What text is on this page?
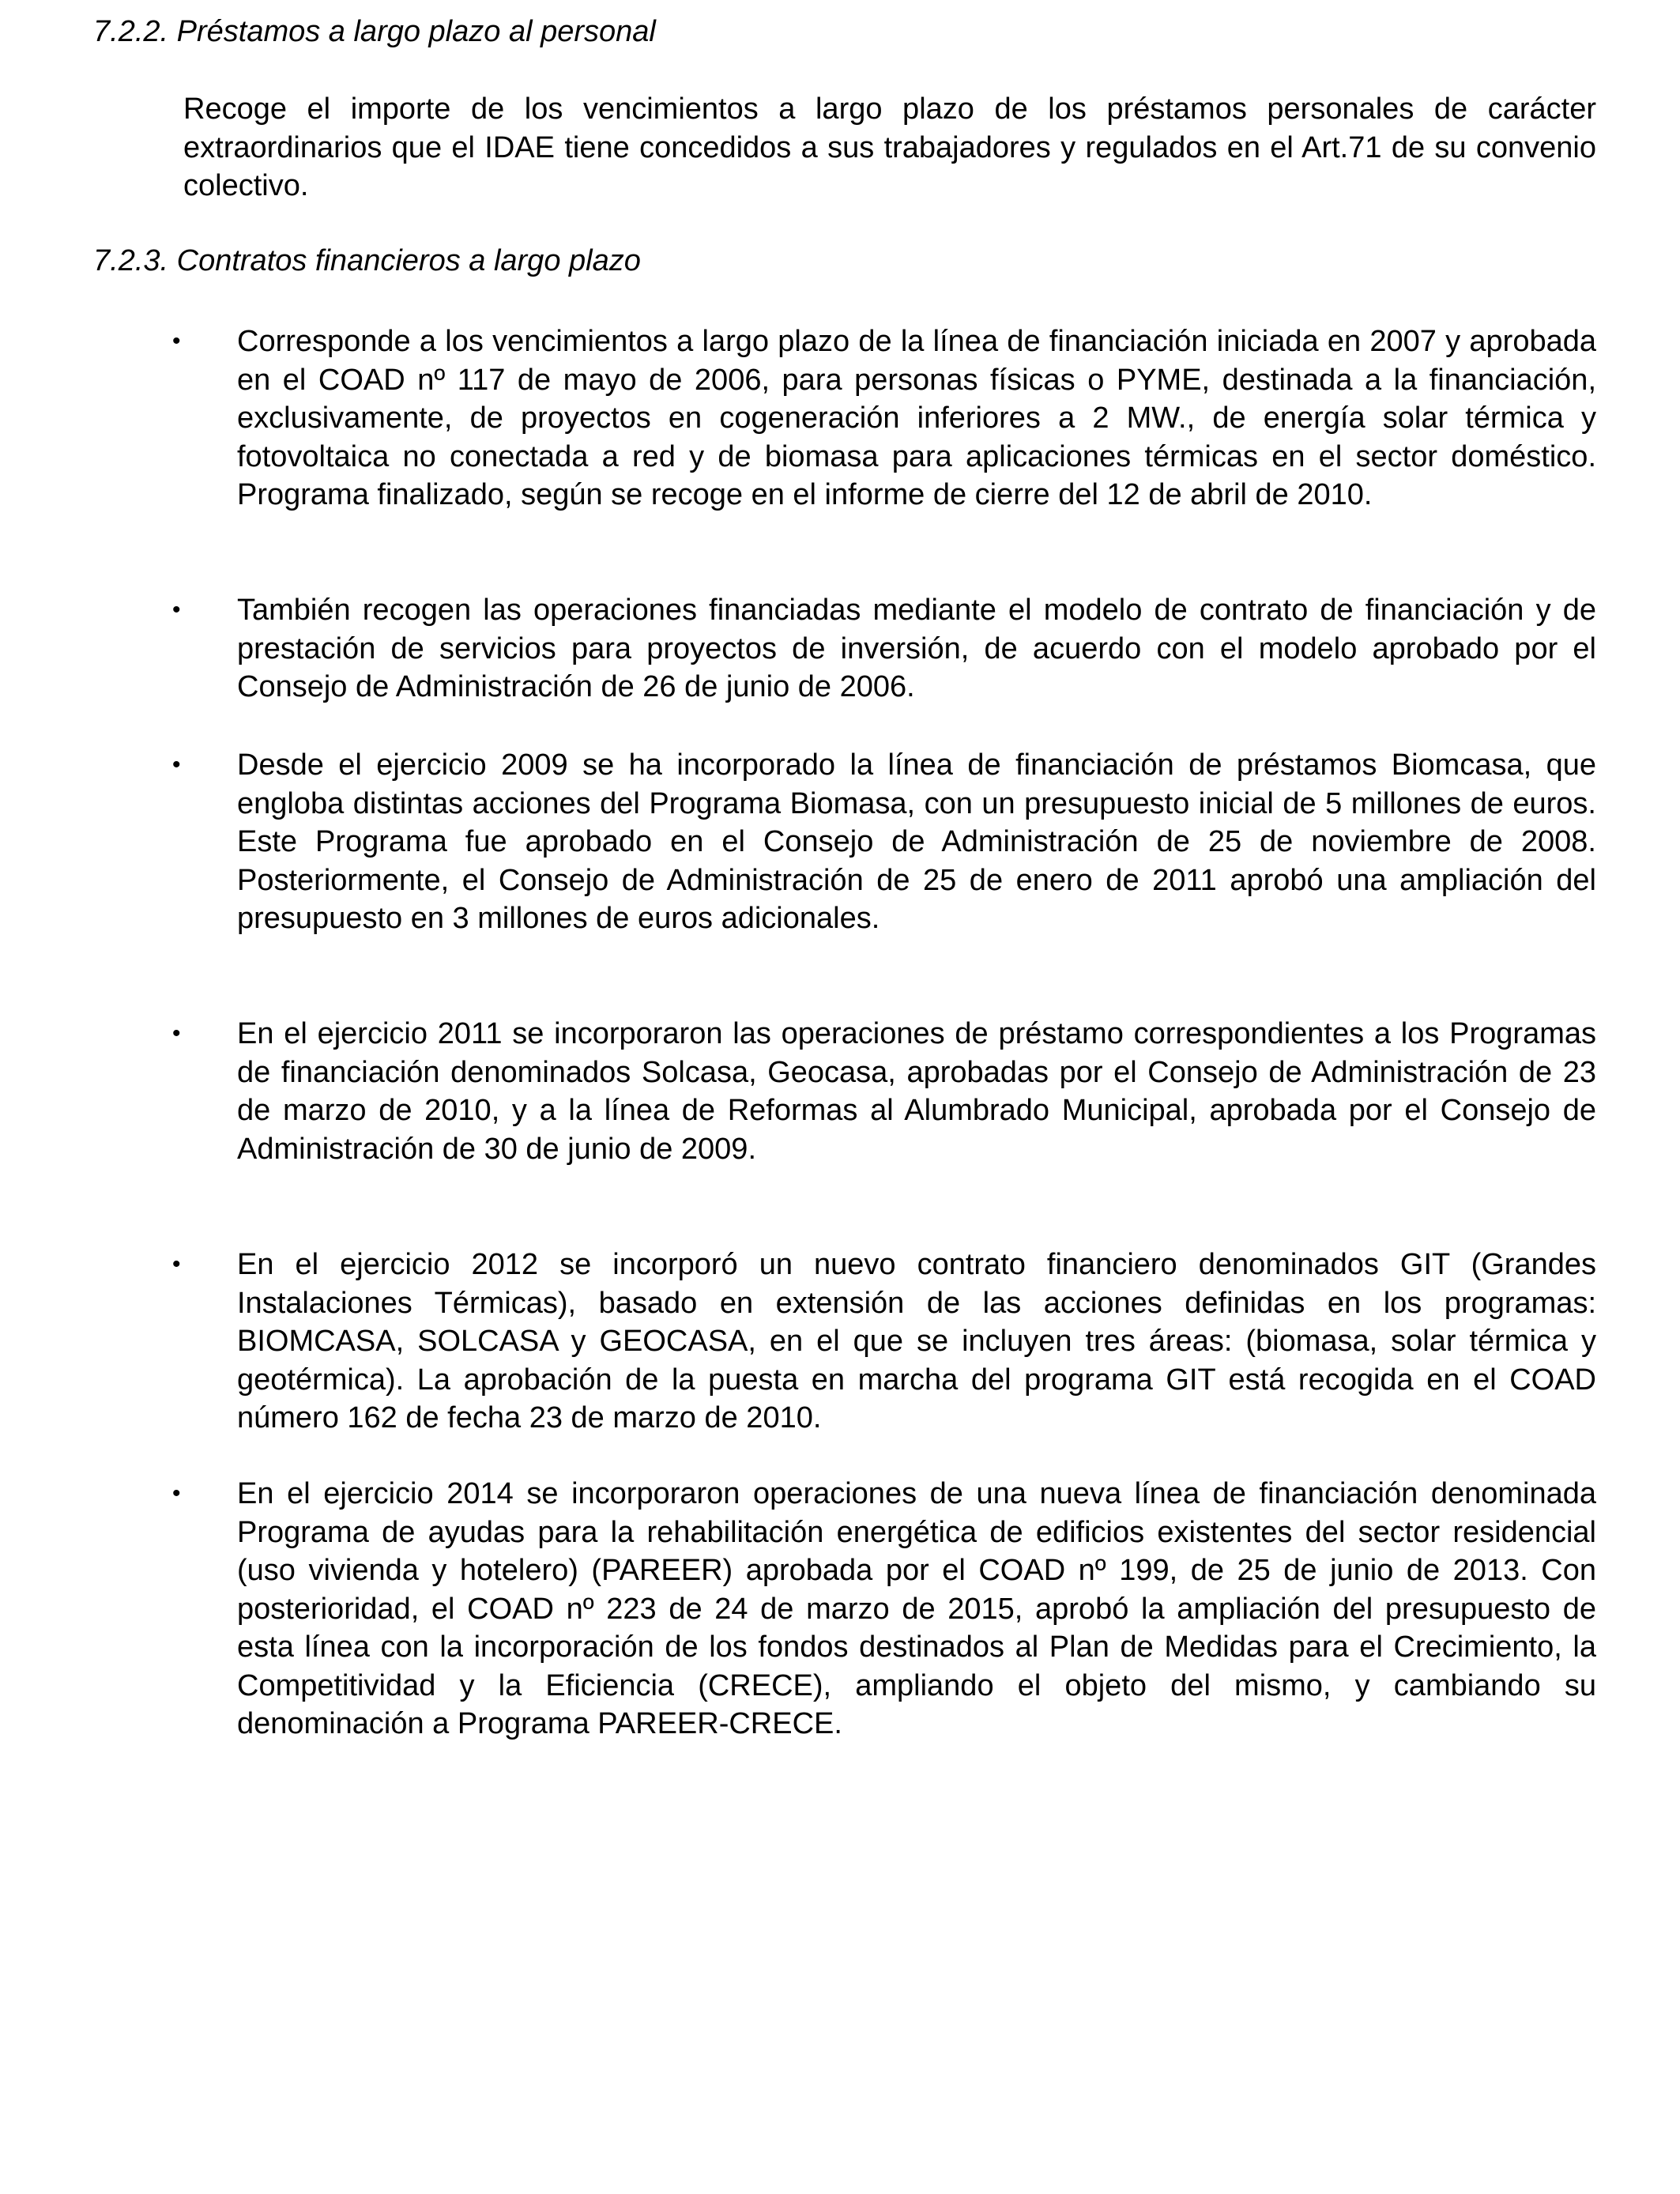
7.2.2. Préstamos a largo plazo al personal
Recoge el importe de los vencimientos a largo plazo de los préstamos personales de carácter extraordinarios que el IDAE tiene concedidos a sus trabajadores y regulados en el Art.71 de su convenio colectivo.
7.2.3. Contratos financieros a largo plazo
• Corresponde a los vencimientos a largo plazo de la línea de financiación iniciada en 2007 y aprobada en el COAD nº 117 de mayo de 2006, para personas físicas o PYME, destinada a la financiación, exclusivamente, de proyectos en cogeneración inferiores a 2 MW., de energía solar térmica y fotovoltaica no conectada a red y de biomasa para aplicaciones térmicas en el sector doméstico. Programa finalizado, según se recoge en el informe de cierre del 12 de abril de 2010.
• También recogen las operaciones financiadas mediante el modelo de contrato de financiación y de prestación de servicios para proyectos de inversión, de acuerdo con el modelo aprobado por el Consejo de Administración de 26 de junio de 2006.
• Desde el ejercicio 2009 se ha incorporado la línea de financiación de préstamos Biomcasa, que engloba distintas acciones del Programa Biomasa, con un presupuesto inicial de 5 millones de euros. Este Programa fue aprobado en el Consejo de Administración de 25 de noviembre de 2008. Posteriormente, el Consejo de Administración de 25 de enero de 2011 aprobó una ampliación del presupuesto en 3 millones de euros adicionales.
• En el ejercicio 2011 se incorporaron las operaciones de préstamo correspondientes a los Programas de financiación denominados Solcasa, Geocasa, aprobadas por el Consejo de Administración de 23 de marzo de 2010, y a la línea de Reformas al Alumbrado Municipal, aprobada por el Consejo de Administración de 30 de junio de 2009.
• En el ejercicio 2012 se incorporó un nuevo contrato financiero denominados GIT (Grandes Instalaciones Térmicas), basado en extensión de las acciones definidas en los programas: BIOMCASA, SOLCASA y GEOCASA, en el que se incluyen tres áreas: (biomasa, solar térmica y geotérmica). La aprobación de la puesta en marcha del programa GIT está recogida en el COAD número 162 de fecha 23 de marzo de 2010.
• En el ejercicio 2014 se incorporaron operaciones de una nueva línea de financiación denominada Programa de ayudas para la rehabilitación energética de edificios existentes del sector residencial (uso vivienda y hotelero) (PAREER) aprobada por el COAD nº 199, de 25 de junio de 2013. Con posterioridad, el COAD nº 223 de 24 de marzo de 2015, aprobó la ampliación del presupuesto de esta línea con la incorporación de los fondos destinados al Plan de Medidas para el Crecimiento, la Competitividad y la Eficiencia (CRECE), ampliando el objeto del mismo, y cambiando su denominación a Programa PAREER-CRECE.
